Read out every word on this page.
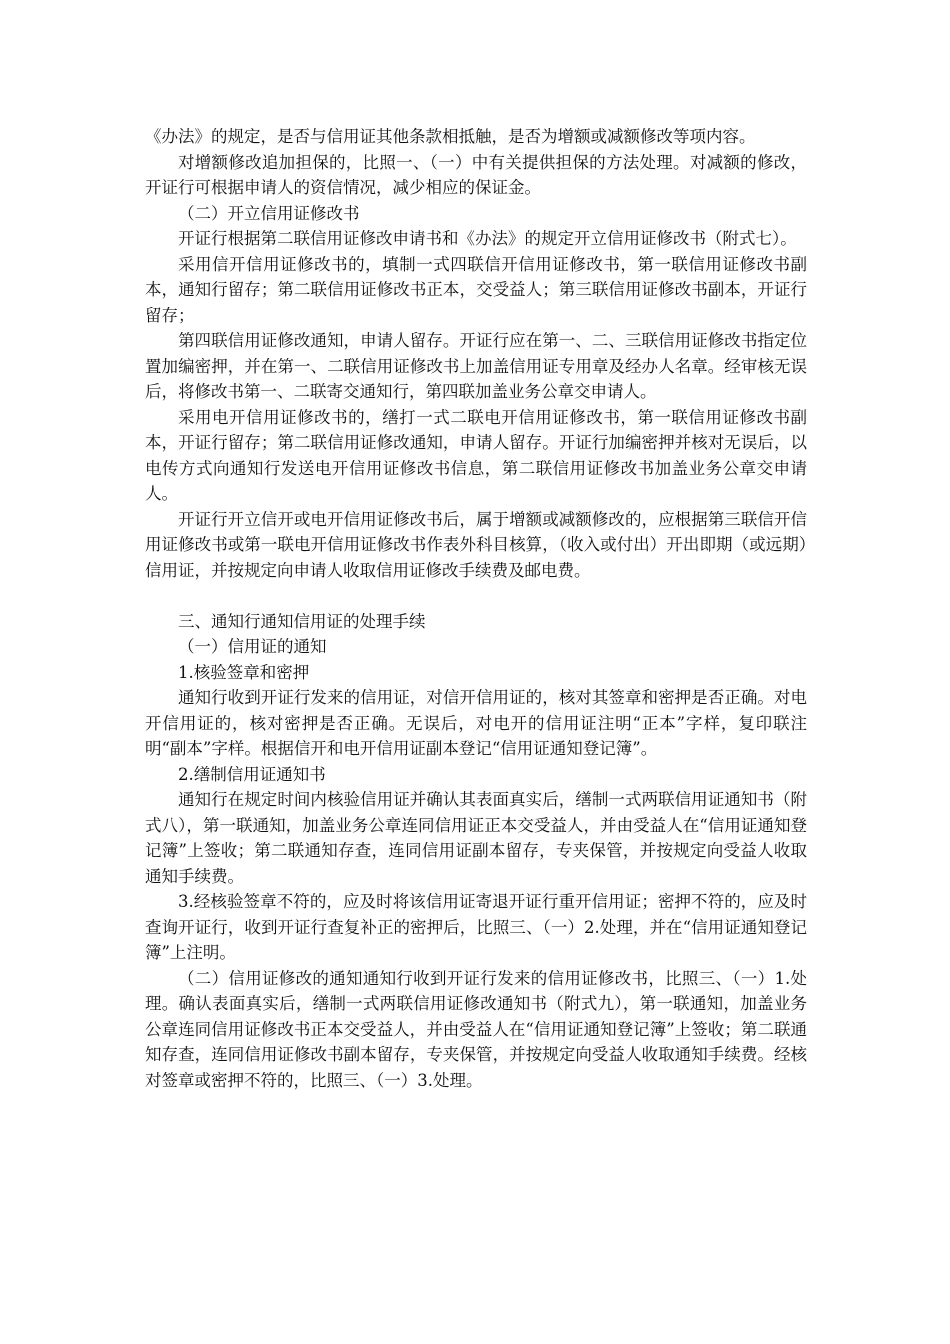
《办法》的规定，是否与信用证其他条款相抵触，是否为增额或减额修改等项内容。

对增额修改追加担保的，比照一、（一）中有关提供担保的方法处理。对减额的修改，开证行可根据申请人的资信情况，减少相应的保证金。

（二）开立信用证修改书

开证行根据第二联信用证修改申请书和《办法》的规定开立信用证修改书（附式七）。

采用信开信用证修改书的，填制一式四联信开信用证修改书，第一联信用证修改书副本，通知行留存；第二联信用证修改书正本，交受益人；第三联信用证修改书副本，开证行留存；

第四联信用证修改通知，申请人留存。开证行应在第一、二、三联信用证修改书指定位置加编密押，并在第一、二联信用证修改书上加盖信用证专用章及经办人名章。经审核无误后，将修改书第一、二联寄交通知行，第四联加盖业务公章交申请人。

采用电开信用证修改书的，缮打一式二联电开信用证修改书，第一联信用证修改书副本，开证行留存；第二联信用证修改通知，申请人留存。开证行加编密押并核对无误后，以电传方式向通知行发送电开信用证修改书信息，第二联信用证修改书加盖业务公章交申请人。

开证行开立信开或电开信用证修改书后，属于增额或减额修改的，应根据第三联信开信用证修改书或第一联电开信用证修改书作表外科目核算，（收入或付出）开出即期（或远期）信用证，并按规定向申请人收取信用证修改手续费及邮电费。

三、通知行通知信用证的处理手续

（一）信用证的通知

1.核验签章和密押

通知行收到开证行发来的信用证，对信开信用证的，核对其签章和密押是否正确。对电开信用证的，核对密押是否正确。无误后，对电开的信用证注明“正本”字样，复印联注明“副本”字样。根据信开和电开信用证副本登记“信用证通知登记簿”。

2.缮制信用证通知书

通知行在规定时间内核验信用证并确认其表面真实后，缮制一式两联信用证通知书（附式八），第一联通知，加盖业务公章连同信用证正本交受益人，并由受益人在“信用证通知登记簿”上签收；第二联通知存查，连同信用证副本留存，专夹保管，并按规定向受益人收取通知手续费。

3.经核验签章不符的，应及时将该信用证寄退开证行重开信用证；密押不符的，应及时查询开证行，收到开证行查复补正的密押后，比照三、（一）2.处理，并在“信用证通知登记簿”上注明。

（二）信用证修改的通知通知行收到开证行发来的信用证修改书，比照三、（一）1.处理。确认表面真实后，缮制一式两联信用证修改通知书（附式九），第一联通知，加盖业务公章连同信用证修改书正本交受益人，并由受益人在“信用证通知登记簿”上签收；第二联通知存查，连同信用证修改书副本留存，专夹保管，并按规定向受益人收取通知手续费。经核对签章或密押不符的，比照三、（一）3.处理。
